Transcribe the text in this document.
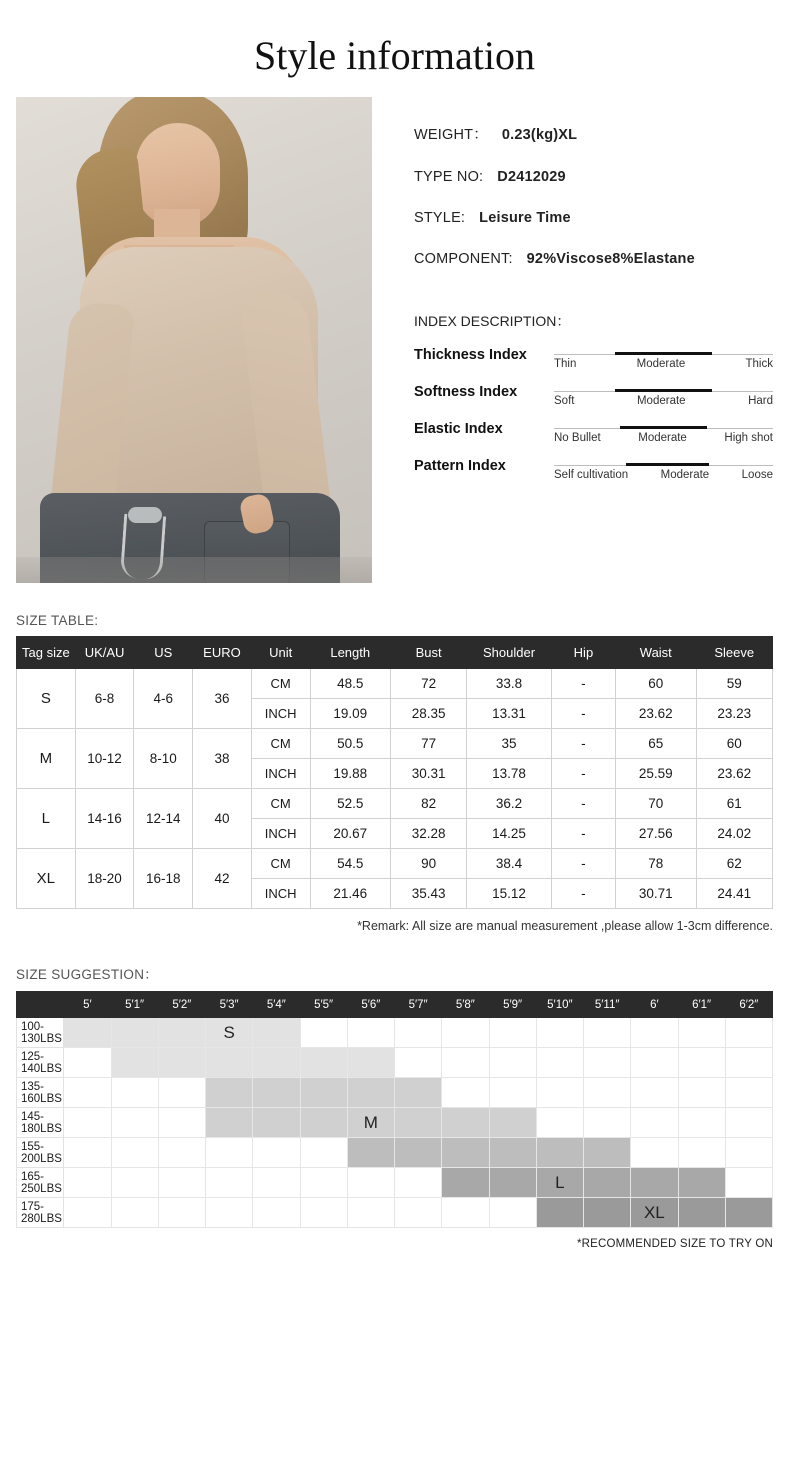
Style information
WEIGHT： 0.23(kg)XL
TYPE NO: D2412029
STYLE: Leisure Time
COMPONENT: 92%Viscose8%Elastane
INDEX DESCRIPTION：
Thickness Index
Thin	Moderate	Thick
Softness Index
Soft	Moderate	Hard
Elastic Index
No Bullet	Moderate	High shot
Pattern Index
Self cultivation	Moderate	Loose
SIZE TABLE:
Tag size	UK/AU	US	EURO	Unit	Length	Bust	Shoulder	Hip	Waist	Sleeve
S	6-8	4-6	36	CM	48.5	72	33.8	-	60	59
				INCH	19.09	28.35	13.31	-	23.62	23.23
M	10-12	8-10	38	CM	50.5	77	35	-	65	60
				INCH	19.88	30.31	13.78	-	25.59	23.62
L	14-16	12-14	40	CM	52.5	82	36.2	-	70	61
				INCH	20.67	32.28	14.25	-	27.56	24.02
XL	18-20	16-18	42	CM	54.5	90	38.4	-	78	62
				INCH	21.46	35.43	15.12	-	30.71	24.41
*Remark: All size are manual measurement ,please allow 1-3cm difference.
SIZE SUGGESTION：
	5′	5′1″	5′2″	5′3″	5′4″	5′5″	5′6″	5′7″	5′8″	5′9″	5′10″	5′11″	6′	6′1″	6′2″
100-130LBS				S											
125-140LBS															
135-160LBS															
145-180LBS							M								
155-200LBS															
165-250LBS											L				
175-280LBS													XL		
*RECOMMENDED SIZE TO TRY ON
